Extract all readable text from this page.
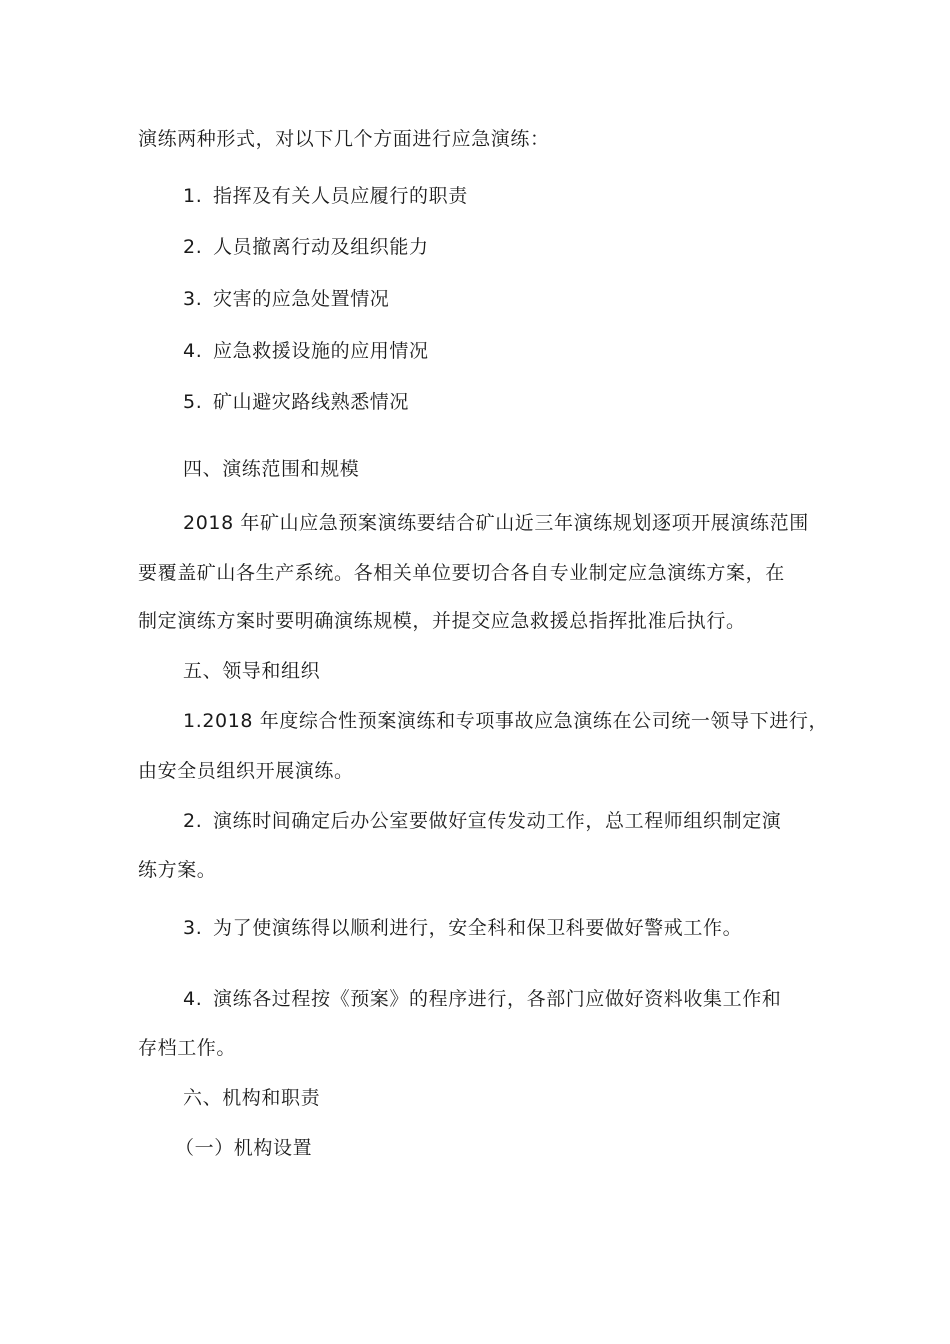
演练两种形式，对以下几个方面进行应急演练：
1. 指挥及有关人员应履行的职责
2. 人员撤离行动及组织能力
3. 灾害的应急处置情况
4. 应急救援设施的应用情况
5. 矿山避灾路线熟悉情况
四、演练范围和规模
2018 年矿山应急预案演练要结合矿山近三年演练规划逐项开展演练范围
要覆盖矿山各生产系统。各相关单位要切合各自专业制定应急演练方案，在
制定演练方案时要明确演练规模，并提交应急救援总指挥批准后执行。
五、领导和组织
1.2018 年度综合性预案演练和专项事故应急演练在公司统一领导下进行，
由安全员组织开展演练。
2. 演练时间确定后办公室要做好宣传发动工作，总工程师组织制定演
练方案。
3. 为了使演练得以顺利进行，安全科和保卫科要做好警戒工作。
4. 演练各过程按《预案》的程序进行，各部门应做好资料收集工作和
存档工作。
六、机构和职责
（一）机构设置
